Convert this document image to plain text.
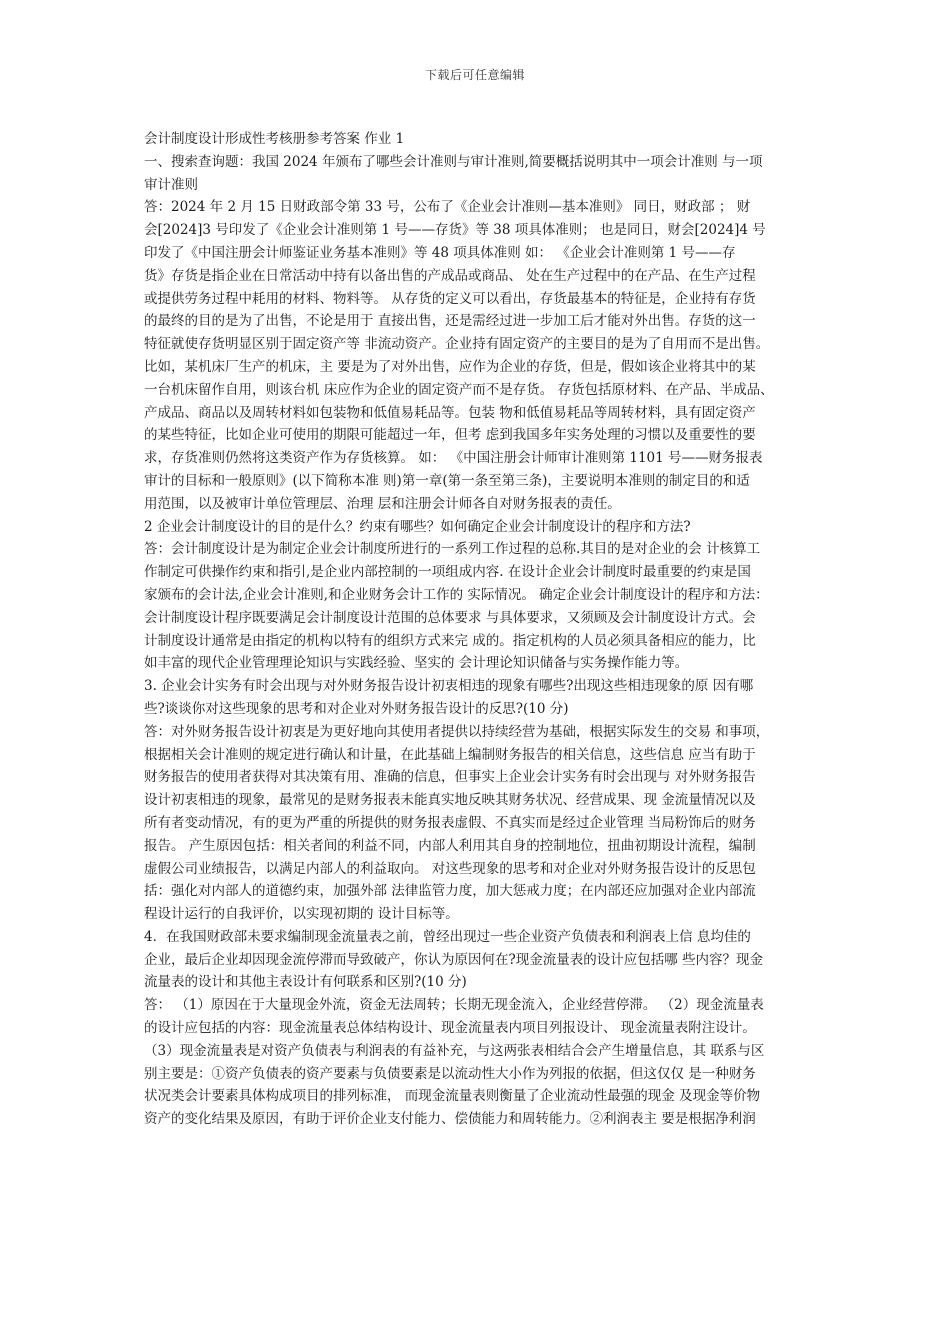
下载后可任意编辑
会计制度设计形成性考核册参考答案 作业 1
一、搜索查询题：我国 2024 年颁布了哪些会计准则与审计准则,简要概括说明其中一项会计准则 与一项
审计准则
答：2024 年 2 月 15 日财政部令第 33 号，公布了《企业会计准则—基本准则》 同日，财政部 ； 财
会[2024]3 号印发了《企业会计准则第 1 号——存货》等 38 项具体准则； 也是同日，财会[2024]4 号
印发了《中国注册会计师鉴证业务基本准则》等 48 项具体准则 如： 《企业会计准则第 1 号——存
货》存货是指企业在日常活动中持有以备出售的产成品或商品、 处在生产过程中的在产品、在生产过程
或提供劳务过程中耗用的材料、物料等。 从存货的定义可以看出，存货最基本的特征是，企业持有存货
的最终的目的是为了出售，不论是用于 直接出售，还是需经过进一步加工后才能对外出售。存货的这一
特征就使存货明显区别于固定资产等 非流动资产。企业持有固定资产的主要目的是为了自用而不是出售。
比如，某机床厂生产的机床，主 要是为了对外出售，应作为企业的存货，但是，假如该企业将其中的某
一台机床留作自用，则该台机 床应作为企业的固定资产而不是存货。 存货包括原材料、在产品、半成品、
产成品、商品以及周转材料如包装物和低值易耗品等。包装 物和低值易耗品等周转材料，具有固定资产
的某些特征，比如企业可使用的期限可能超过一年，但考 虑到我国多年实务处理的习惯以及重要性的要
求，存货准则仍然将这类资产作为存货核算。 如： 《中国注册会计师审计准则第 1101 号——财务报表
审计的目标和一般原则》(以下简称本准 则)第一章(第一条至第三条)，主要说明本准则的制定目的和适
用范围，以及被审计单位管理层、治理 层和注册会计师各自对财务报表的责任。
2 企业会计制度设计的目的是什么？约束有哪些？如何确定企业会计制度设计的程序和方法?
答：会计制度设计是为制定企业会计制度所进行的一系列工作过程的总称.其目的是对企业的会 计核算工
作制定可供操作约束和指引,是企业内部控制的一项组成内容. 在设计企业会计制度时最重要的约束是国
家颁布的会计法,企业会计准则,和企业财务会计工作的 实际情况。 确定企业会计制度设计的程序和方法：
会计制度设计程序既要满足会计制度设计范围的总体要求 与具体要求，又须顾及会计制度设计方式。会
计制度设计通常是由指定的机构以特有的组织方式来完 成的。指定机构的人员必须具备相应的能力，比
如丰富的现代企业管理理论知识与实践经验、坚实的 会计理论知识储备与实务操作能力等。
3. 企业会计实务有时会出现与对外财务报告设计初衷相违的现象有哪些?出现这些相违现象的原 因有哪
些?谈谈你对这些现象的思考和对企业对外财务报告设计的反思?(10 分)
答：对外财务报告设计初衷是为更好地向其使用者提供以持续经营为基础，根据实际发生的交易 和事项，
根据相关会计准则的规定进行确认和计量，在此基础上编制财务报告的相关信息，这些信息 应当有助于
财务报告的使用者获得对其决策有用、准确的信息，但事实上企业会计实务有时会出现与 对外财务报告
设计初衷相违的现象，最常见的是财务报表未能真实地反映其财务状况、经营成果、现 金流量情况以及
所有者变动情况，有的更为严重的所提供的财务报表虚假、不真实而是经过企业管理 当局粉饰后的财务
报告。 产生原因包括：相关者间的利益不同，内部人利用其自身的控制地位，扭曲初期设计流程，编制
虚假公司业绩报告，以满足内部人的利益取向。 对这些现象的思考和对企业对外财务报告设计的反思包
括：强化对内部人的道德约束，加强外部 法律监管力度，加大惩戒力度；在内部还应加强对企业内部流
程设计运行的自我评价，以实现初期的 设计目标等。
4．在我国财政部未要求编制现金流量表之前，曾经出现过一些企业资产负债表和利润表上信 息均佳的
企业，最后企业却因现金流停滞而导致破产，你认为原因何在?现金流量表的设计应包括哪 些内容？现金
流量表的设计和其他主表设计有何联系和区别?(10 分)
答： （1）原因在于大量现金外流，资金无法周转；长期无现金流入，企业经营停滞。 （2）现金流量表
的设计应包括的内容：现金流量表总体结构设计、现金流量表内项目列报设计、 现金流量表附注设计。
（3）现金流量表是对资产负债表与利润表的有益补充，与这两张表相结合会产生增量信息，其 联系与区
别主要是：①资产负债表的资产要素与负债要素是以流动性大小作为列报的依据，但这仅仅 是一种财务
状况类会计要素具体构成项目的排列标准， 而现金流量表则衡量了企业流动性最强的现金 及现金等价物
资产的变化结果及原因，有助于评价企业支付能力、偿债能力和周转能力。②利润表主 要是根据净利润
